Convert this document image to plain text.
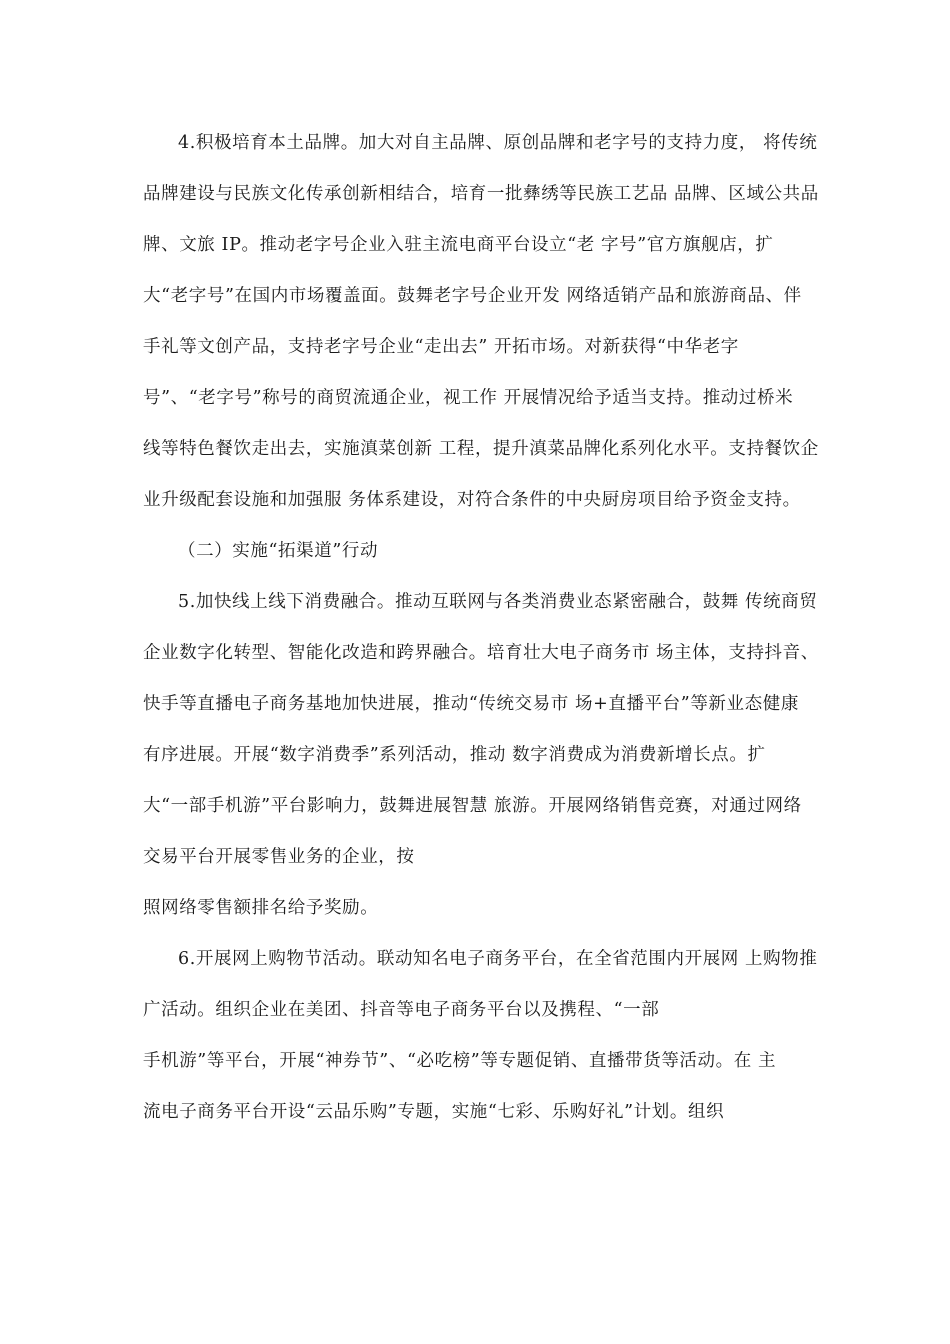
4.积极培育本土品牌。加大对自主品牌、原创品牌和老字号的支持力度， 将传统
品牌建设与民族文化传承创新相结合，培育一批彝绣等民族工艺品 品牌、区域公共品
牌、文旅 IP。推动老字号企业入驻主流电商平台设立“老 字号”官方旗舰店，扩
大“老字号”在国内市场覆盖面。鼓舞老字号企业开发 网络适销产品和旅游商品、伴
手礼等文创产品，支持老字号企业“走出去” 开拓市场。对新获得“中华老字
号”、“老字号”称号的商贸流通企业，视工作 开展情况给予适当支持。推动过桥米
线等特色餐饮走出去，实施滇菜创新 工程，提升滇菜品牌化系列化水平。支持餐饮企
业升级配套设施和加强服 务体系建设，对符合条件的中央厨房项目给予资金支持。
（二）实施“拓渠道”行动
5.加快线上线下消费融合。推动互联网与各类消费业态紧密融合，鼓舞 传统商贸
企业数字化转型、智能化改造和跨界融合。培育壮大电子商务市 场主体，支持抖音、
快手等直播电子商务基地加快进展，推动“传统交易市 场+直播平台”等新业态健康
有序进展。开展“数字消费季”系列活动，推动 数字消费成为消费新增长点。扩
大“一部手机游”平台影响力，鼓舞进展智慧 旅游。开展网络销售竞赛，对通过网络
交易平台开展零售业务的企业，按
照网络零售额排名给予奖励。
6.开展网上购物节活动。联动知名电子商务平台，在全省范围内开展网 上购物推
广活动。组织企业在美团、抖音等电子商务平台以及携程、“一部
手机游”等平台，开展“神券节”、“必吃榜”等专题促销、直播带货等活动。在 主
流电子商务平台开设“云品乐购”专题，实施“七彩、乐购好礼”计划。组织
